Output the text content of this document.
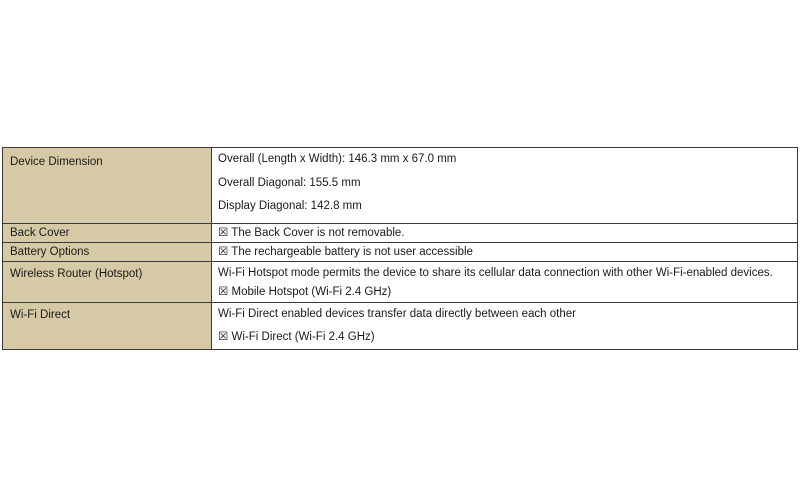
Device Dimension	Overall (Length x Width): 146.3 mm x 67.0 mm
Overall Diagonal: 155.5 mm
Display Diagonal: 142.8 mm

Back Cover	☒ The Back Cover is not removable.

Battery Options	☒ The rechargeable battery is not user accessible

Wireless Router (Hotspot)	Wi-Fi Hotspot mode permits the device to share its cellular data connection with other Wi-Fi-enabled devices.
☒ Mobile Hotspot (Wi-Fi 2.4 GHz)

Wi-Fi Direct	Wi-Fi Direct enabled devices transfer data directly between each other
☒ Wi-Fi Direct (Wi-Fi 2.4 GHz)
